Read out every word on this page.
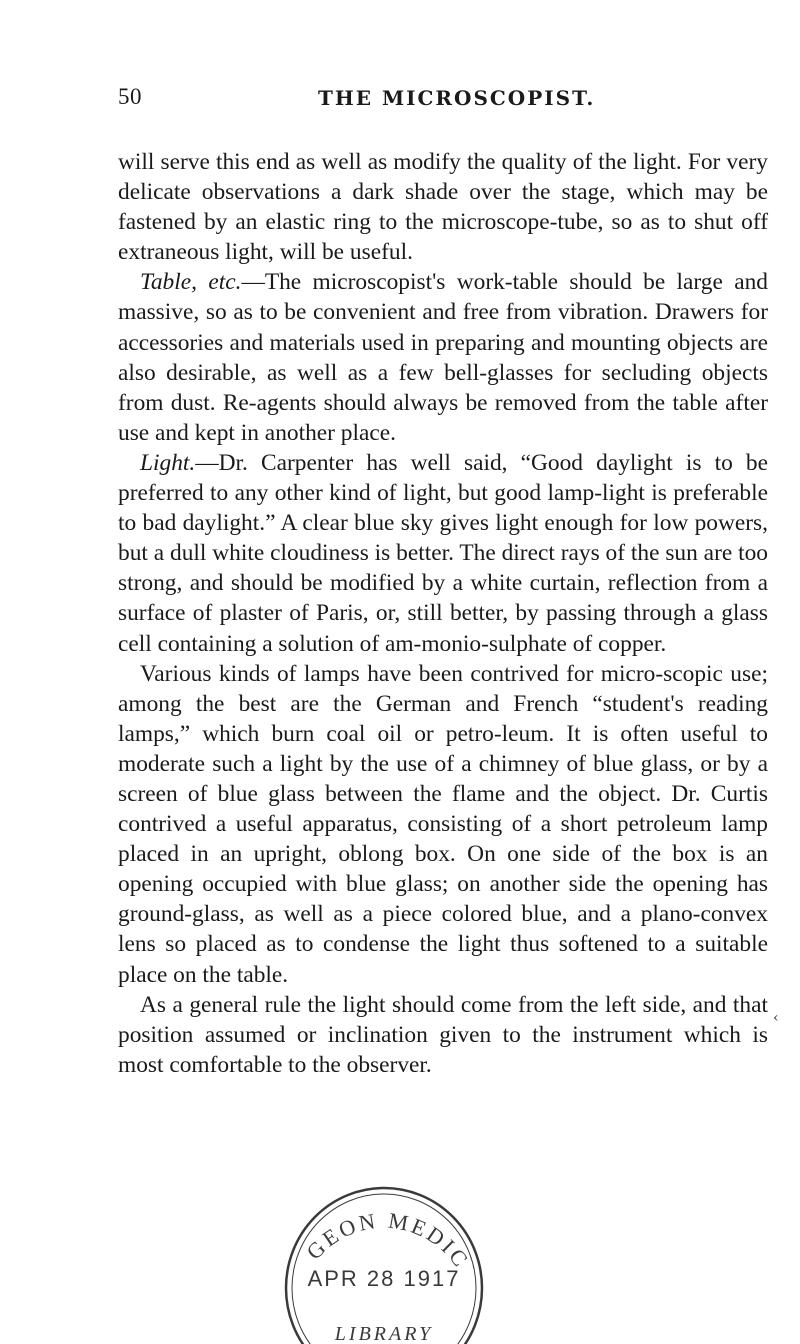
50	THE MICROSCOPIST.

will serve this end as well as modify the quality of the light. For very delicate observations a dark shade over the stage, which may be fastened by an elastic ring to the microscope-tube, so as to shut off extraneous light, will be useful.

Table, etc.—The microscopist's work-table should be large and massive, so as to be convenient and free from vibration. Drawers for accessories and materials used in preparing and mounting objects are also desirable, as well as a few bell-glasses for secluding objects from dust. Re-agents should always be removed from the table after use and kept in another place.

Light.—Dr. Carpenter has well said, “Good daylight is to be preferred to any other kind of light, but good lamp-light is preferable to bad daylight.” A clear blue sky gives light enough for low powers, but a dull white cloudiness is better. The direct rays of the sun are too strong, and should be modified by a white curtain, reflection from a surface of plaster of Paris, or, still better, by passing through a glass cell containing a solution of am-monio-sulphate of copper.

Various kinds of lamps have been contrived for micro-scopic use; among the best are the German and French “student's reading lamps,” which burn coal oil or petro-leum. It is often useful to moderate such a light by the use of a chimney of blue glass, or by a screen of blue glass between the flame and the object. Dr. Curtis contrived a useful apparatus, consisting of a short petroleum lamp placed in an upright, oblong box. On one side of the box is an opening occupied with blue glass; on another side the opening has ground-glass, as well as a piece colored blue, and a plano-convex lens so placed as to condense the light thus softened to a suitable place on the table.

As a general rule the light should come from the left side, and that position assumed or inclination given to the instrument which is most comfortable to the observer.

‹
GEON MEDIC
APR 28 1917
LIBRARY
